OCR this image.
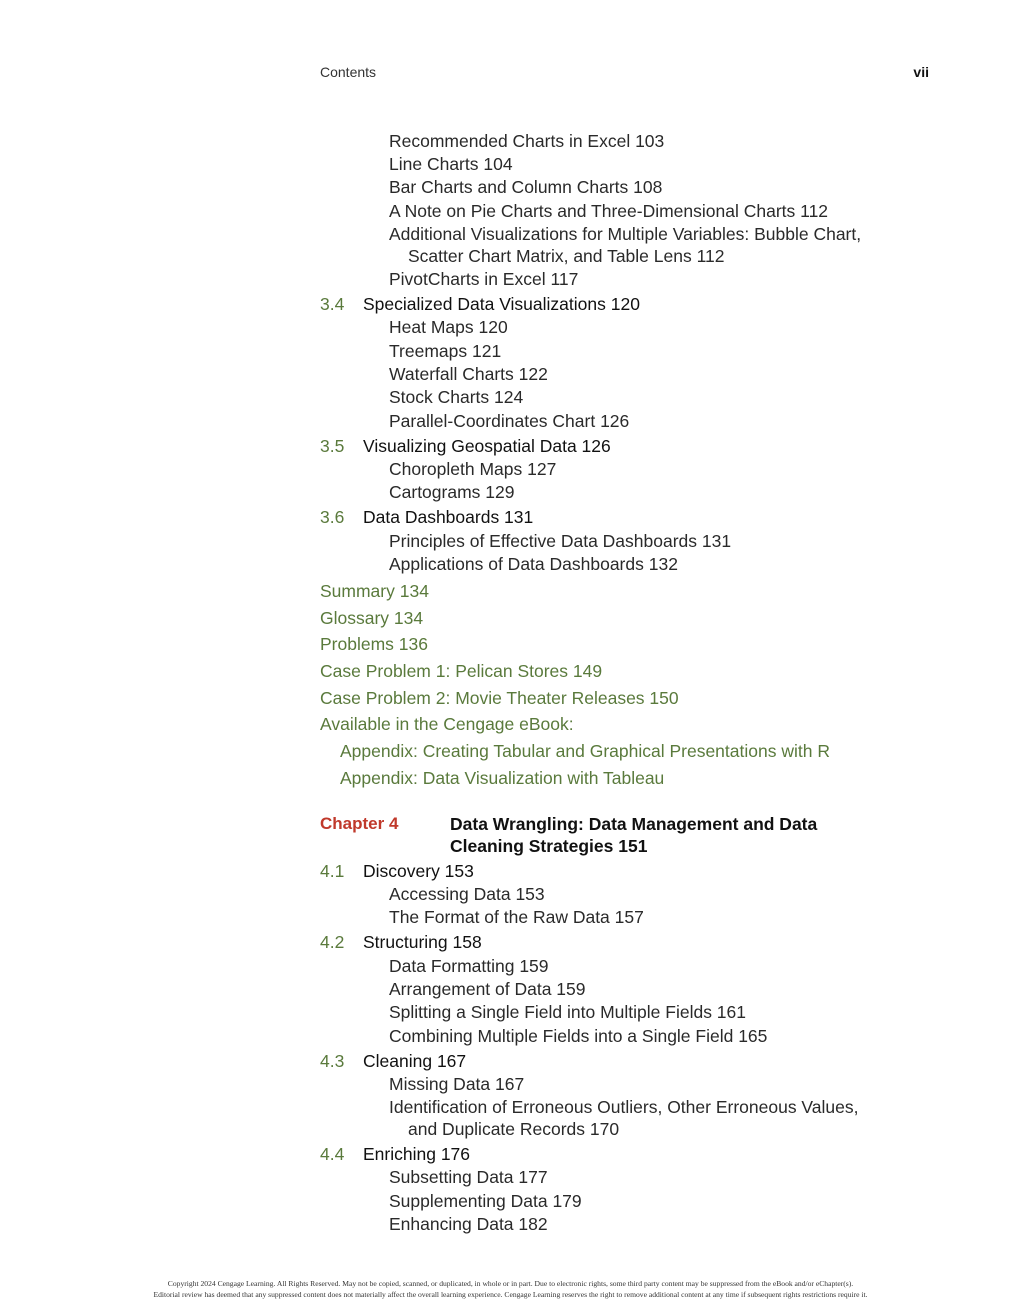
Contents	vii
Recommended Charts in Excel 103
Line Charts 104
Bar Charts and Column Charts 108
A Note on Pie Charts and Three-Dimensional Charts 112
Additional Visualizations for Multiple Variables: Bubble Chart,
Scatter Chart Matrix, and Table Lens 112
PivotCharts in Excel 117
3.4 Specialized Data Visualizations 120
Heat Maps 120
Treemaps 121
Waterfall Charts 122
Stock Charts 124
Parallel-Coordinates Chart 126
3.5 Visualizing Geospatial Data 126
Choropleth Maps 127
Cartograms 129
3.6 Data Dashboards 131
Principles of Effective Data Dashboards 131
Applications of Data Dashboards 132
Summary 134
Glossary 134
Problems 136
Case Problem 1: Pelican Stores 149
Case Problem 2: Movie Theater Releases 150
Available in the Cengage eBook:
Appendix: Creating Tabular and Graphical Presentations with R
Appendix: Data Visualization with Tableau
Chapter 4	Data Wrangling: Data Management and Data
Cleaning Strategies 151
4.1 Discovery 153
Accessing Data 153
The Format of the Raw Data 157
4.2 Structuring 158
Data Formatting 159
Arrangement of Data 159
Splitting a Single Field into Multiple Fields 161
Combining Multiple Fields into a Single Field 165
4.3 Cleaning 167
Missing Data 167
Identification of Erroneous Outliers, Other Erroneous Values,
and Duplicate Records 170
4.4 Enriching 176
Subsetting Data 177
Supplementing Data 179
Enhancing Data 182
Copyright 2024 Cengage Learning. All Rights Reserved. May not be copied, scanned, or duplicated, in whole or in part. Due to electronic rights, some third party content may be suppressed from the eBook and/or eChapter(s).
Editorial review has deemed that any suppressed content does not materially affect the overall learning experience. Cengage Learning reserves the right to remove additional content at any time if subsequent rights restrictions require it.
